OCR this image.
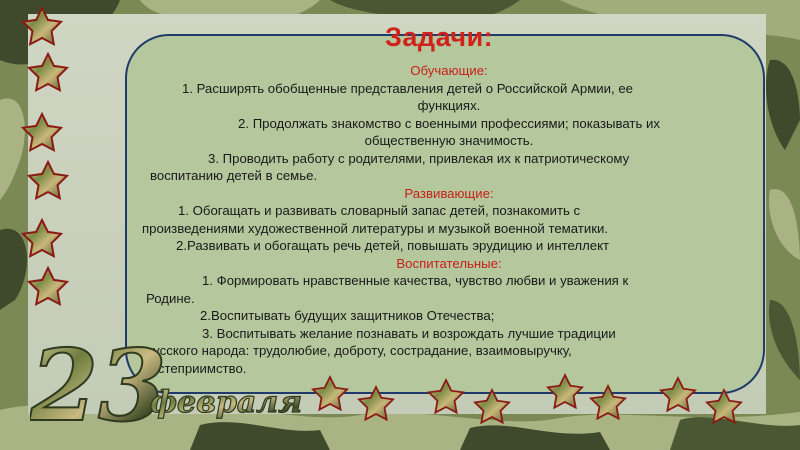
Задачи:
Обучающие:
1. Расширять обобщенные представления детей о Российской Армии, ее
функциях.
2. Продолжать знакомство с военными профессиями; показывать их
общественную значимость.
3. Проводить работу с родителями, привлекая их к патриотическому
воспитанию детей в семье.
Развивающие:
1. Обогащать и развивать словарный запас детей, познакомить с
произведениями художественной литературы и музыкой военной тематики.
2.Развивать и обогащать речь детей, повышать эрудицию и интеллект
Воспитательные:
1. Формировать нравственные качества, чувство любви и уважения к
Родине.
2.Воспитывать будущих защитников Отечества;
3. Воспитывать желание познавать и возрождать лучшие традиции
русского народа: трудолюбие, доброту, сострадание, взаимовыручку,
гостеприимство.
23
февраля
